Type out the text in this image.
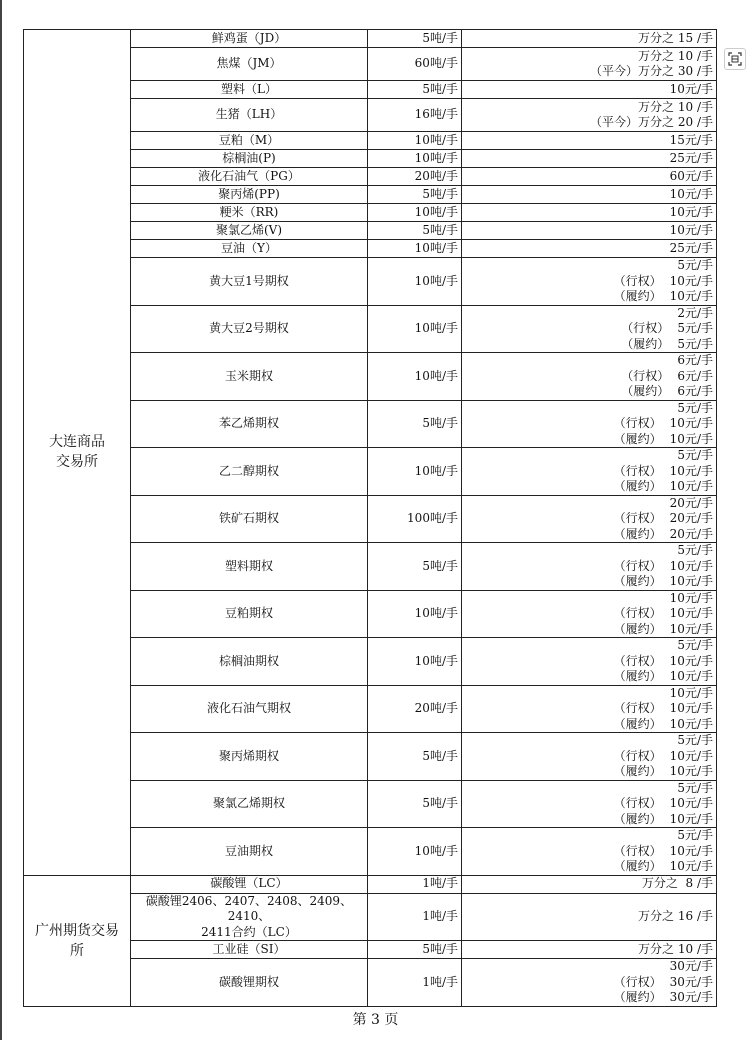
大连商品
交易所	鲜鸡蛋（JD）	5吨/手	万分之 15 /手

	焦煤（JM）	60吨/手	万分之 10 /手
（平今）万分之 30 /手

	塑料（L）	5吨/手	10元/手

	生猪（LH）	16吨/手	万分之 10 /手
（平今）万分之 20 /手

	豆粕（M）	10吨/手	15元/手

	棕榈油(P)	10吨/手	25元/手

	液化石油气（PG）	20吨/手	60元/手

	聚丙烯(PP)	5吨/手	10元/手

	粳米（RR)	10吨/手	10元/手

	聚氯乙烯(V)	5吨/手	10元/手

	豆油（Y）	10吨/手	25元/手

	黄大豆1号期权	10吨/手	5元/手
（行权） 10元/手
（履约） 10元/手

	黄大豆2号期权	10吨/手	2元/手
（行权） 5元/手
（履约） 5元/手

	玉米期权	10吨/手	6元/手
（行权） 6元/手
（履约） 6元/手

	苯乙烯期权	5吨/手	5元/手
（行权） 10元/手
（履约） 10元/手

	乙二醇期权	10吨/手	5元/手
（行权） 10元/手
（履约） 10元/手

	铁矿石期权	100吨/手	20元/手
（行权） 20元/手
（履约） 20元/手

	塑料期权	5吨/手	5元/手
（行权） 10元/手
（履约） 10元/手

	豆粕期权	10吨/手	10元/手
（行权） 10元/手
（履约） 10元/手

	棕榈油期权	10吨/手	5元/手
（行权） 10元/手
（履约） 10元/手

	液化石油气期权	20吨/手	10元/手
（行权） 10元/手
（履约） 10元/手

	聚丙烯期权	5吨/手	5元/手
（行权） 10元/手
（履约） 10元/手

	聚氯乙烯期权	5吨/手	5元/手
（行权） 10元/手
（履约） 10元/手

	豆油期权	10吨/手	5元/手
（行权） 10元/手
（履约） 10元/手

广州期货交易
所	碳酸锂（LC）	1吨/手	万分之  8 /手

	碳酸锂2406、2407、2408、2409、2410、
2411合约（LC）	1吨/手	万分之 16 /手

	工业硅（SI）	5吨/手	万分之 10 /手

	碳酸锂期权	1吨/手	30元/手
（行权） 30元/手
（履约） 30元/手
第 3 页
